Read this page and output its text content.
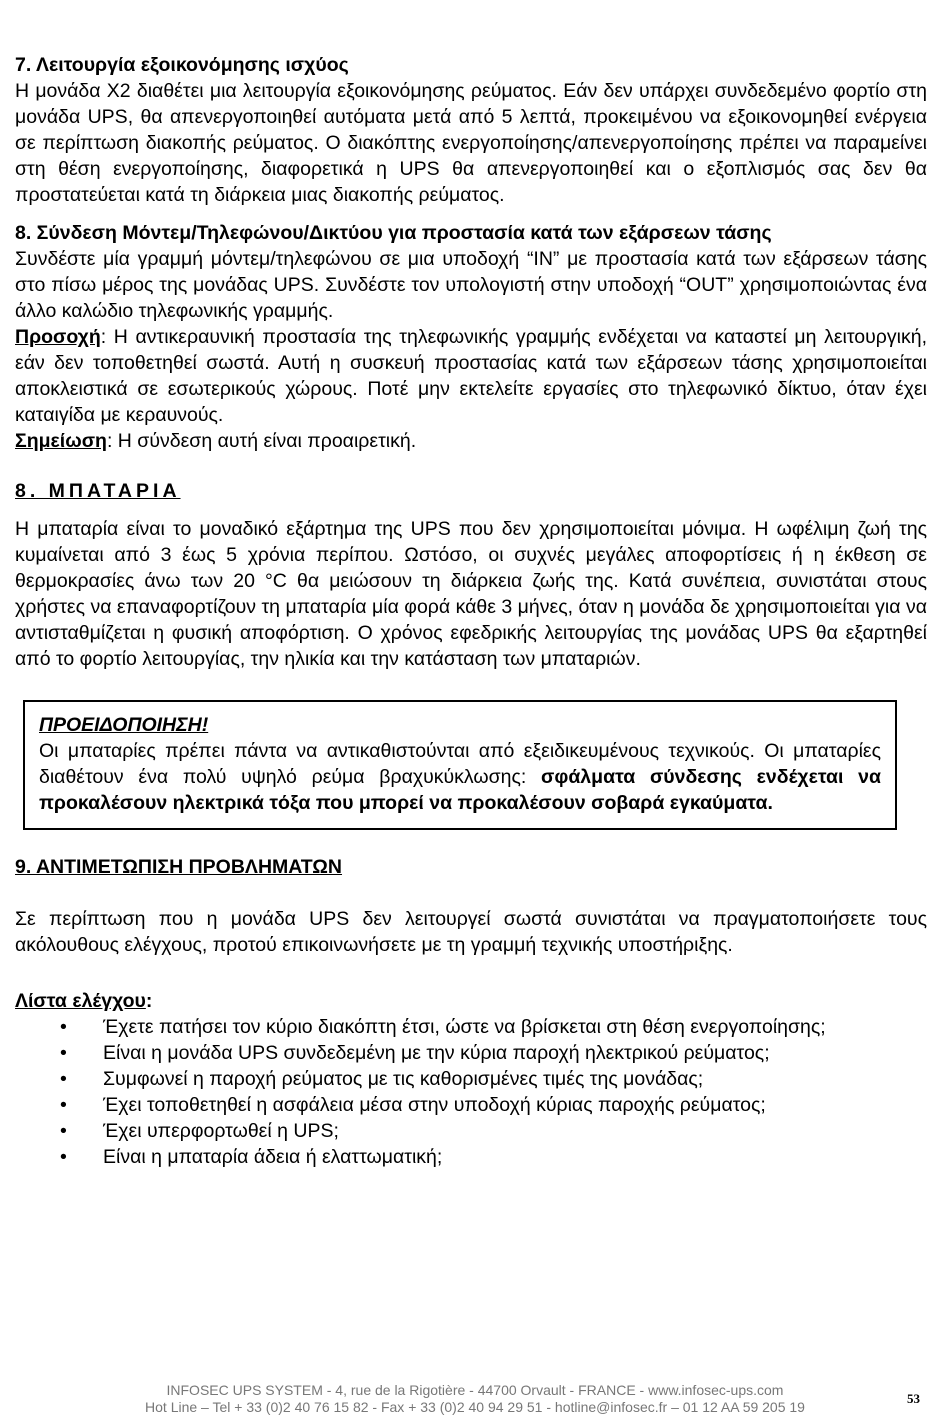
7. Λειτουργία εξοικονόμησης ισχύος

Η μονάδα X2 διαθέτει μια λειτουργία εξοικονόμησης ρεύματος. Εάν δεν υπάρχει συνδεδεμένο φορτίο στη μονάδα UPS, θα απενεργοποιηθεί αυτόματα μετά από 5 λεπτά, προκειμένου να εξοικονομηθεί ενέργεια σε περίπτωση διακοπής ρεύματος. Ο διακόπτης ενεργοποίησης/απενεργοποίησης πρέπει να παραμείνει στη θέση ενεργοποίησης, διαφορετικά η UPS θα απενεργοποιηθεί και ο εξοπλισμός σας δεν θα προστατεύεται κατά τη διάρκεια μιας διακοπής ρεύματος.

8. Σύνδεση Μόντεμ/Τηλεφώνου/Δικτύου για προστασία κατά των εξάρσεων τάσης

Συνδέστε μία γραμμή μόντεμ/τηλεφώνου σε μια υποδοχή “IN” με προστασία κατά των εξάρσεων τάσης στο πίσω μέρος της μονάδας UPS. Συνδέστε τον υπολογιστή στην υποδοχή “OUT” χρησιμοποιώντας ένα άλλο καλώδιο τηλεφωνικής γραμμής.

Προσοχή: Η αντικεραυνική προστασία της τηλεφωνικής γραμμής ενδέχεται να καταστεί μη λειτουργική, εάν δεν τοποθετηθεί σωστά. Αυτή η συσκευή προστασίας κατά των εξάρσεων τάσης χρησιμοποιείται αποκλειστικά σε εσωτερικούς χώρους. Ποτέ μην εκτελείτε εργασίες στο τηλεφωνικό δίκτυο, όταν έχει καταιγίδα με κεραυνούς.

Σημείωση: Η σύνδεση αυτή είναι προαιρετική.

8. ΜΠΑΤΑΡΙΑ

Η μπαταρία είναι το μοναδικό εξάρτημα της UPS που δεν χρησιμοποιείται μόνιμα. Η ωφέλιμη ζωή της κυμαίνεται από 3 έως 5 χρόνια περίπου. Ωστόσο, οι συχνές μεγάλες αποφορτίσεις ή η έκθεση σε θερμοκρασίες άνω των 20 °C θα μειώσουν τη διάρκεια ζωής της. Κατά συνέπεια, συνιστάται στους χρήστες να επαναφορτίζουν τη μπαταρία μία φορά κάθε 3 μήνες, όταν η μονάδα δε χρησιμοποιείται για να αντισταθμίζεται η φυσική αποφόρτιση. Ο χρόνος εφεδρικής λειτουργίας της μονάδας UPS θα εξαρτηθεί από το φορτίο λειτουργίας, την ηλικία και την κατάσταση των μπαταριών.

ΠΡΟΕΙΔΟΠΟΙΗΣΗ!

Οι μπαταρίες πρέπει πάντα να αντικαθιστούνται από εξειδικευμένους τεχνικούς. Οι μπαταρίες διαθέτουν ένα πολύ υψηλό ρεύμα βραχυκύκλωσης: σφάλματα σύνδεσης ενδέχεται να προκαλέσουν ηλεκτρικά τόξα που μπορεί να προκαλέσουν σοβαρά εγκαύματα.

9. ΑΝΤΙΜΕΤΩΠΙΣΗ ΠΡΟΒΛΗΜΑΤΩΝ

Σε περίπτωση που η μονάδα UPS δεν λειτουργεί σωστά συνιστάται να πραγματοποιήσετε τους ακόλουθους ελέγχους, προτού επικοινωνήσετε με τη γραμμή τεχνικής υποστήριξης.

Λίστα ελέγχου:

• Έχετε πατήσει τον κύριο διακόπτη έτσι, ώστε να βρίσκεται στη θέση ενεργοποίησης;
• Είναι η μονάδα UPS συνδεδεμένη με την κύρια παροχή ηλεκτρικού ρεύματος;
• Συμφωνεί η παροχή ρεύματος με τις καθορισμένες τιμές της μονάδας;
• Έχει τοποθετηθεί η ασφάλεια μέσα στην υποδοχή κύριας παροχής ρεύματος;
• Έχει υπερφορτωθεί η UPS;
• Είναι η μπαταρία άδεια ή ελαττωματική;
INFOSEC UPS SYSTEM - 4, rue de la Rigotière - 44700 Orvault - FRANCE - www.infosec-ups.com
Hot Line – Tel + 33 (0)2 40 76 15 82 - Fax + 33 (0)2 40 94 29 51 - hotline@infosec.fr – 01 12 AA 59 205 19
53
